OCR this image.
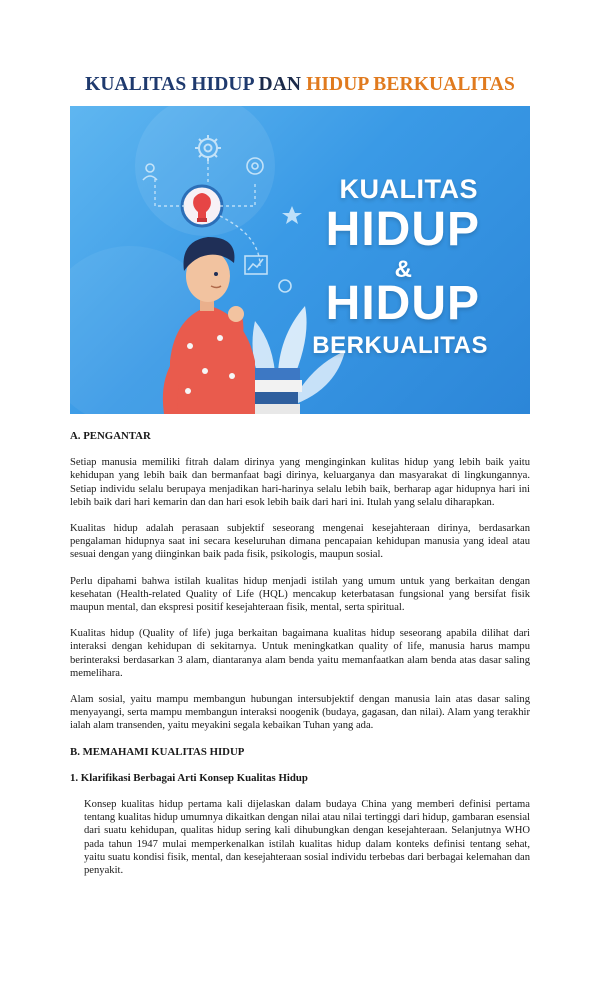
KUALITAS HIDUP DAN HIDUP BERKUALITAS
KUALITAS
HIDUP
&
HIDUP
BERKUALITAS

A. PENGANTAR

Setiap manusia memiliki fitrah dalam dirinya yang menginginkan kulitas hidup yang lebih baik yaitu kehidupan yang lebih baik dan bermanfaat bagi dirinya, keluarganya dan masyarakat di lingkungannya. Setiap individu selalu berupaya menjadikan hari-harinya selalu lebih baik, berharap agar hidupnya hari ini lebih baik dari hari kemarin dan dan hari esok lebih baik dari hari ini. Itulah yang selalu diharapkan.

Kualitas hidup adalah perasaan subjektif seseorang mengenai kesejahteraan dirinya, berdasarkan pengalaman hidupnya saat ini secara keseluruhan dimana pencapaian kehidupan manusia yang ideal atau sesuai dengan yang diinginkan baik pada fisik, psikologis, maupun sosial.

Perlu dipahami bahwa istilah kualitas hidup menjadi istilah yang umum untuk yang berkaitan dengan kesehatan (Health-related Quality of Life (HQL) mencakup keterbatasan fungsional yang bersifat fisik maupun mental, dan ekspresi positif kesejahteraan fisik, mental, serta spiritual.

Kualitas hidup (Quality of life) juga berkaitan bagaimana kualitas hidup seseorang apabila dilihat dari interaksi dengan kehidupan di sekitarnya. Untuk meningkatkan quality of life, manusia harus mampu berinteraksi berdasarkan 3 alam, diantaranya alam benda yaitu memanfaatkan alam benda atas dasar saling memelihara.

Alam sosial, yaitu mampu membangun hubungan intersubjektif dengan manusia lain atas dasar saling menyayangi, serta mampu membangun interaksi noogenik (budaya, gagasan, dan nilai). Alam yang terakhir ialah alam transenden, yaitu meyakini segala kebaikan Tuhan yang ada.

B. MEMAHAMI KUALITAS HIDUP

1. Klarifikasi Berbagai Arti Konsep Kualitas Hidup

Konsep kualitas hidup pertama kali dijelaskan dalam budaya China yang memberi definisi pertama tentang kualitas hidup umumnya dikaitkan dengan nilai atau nilai tertinggi dari hidup, gambaran esensial dari suatu kehidupan, qualitas hidup sering kali dihubungkan dengan kesejahteraan. Selanjutnya WHO pada tahun 1947 mulai memperkenalkan istilah kualitas hidup dalam konteks definisi tentang sehat, yaitu suatu kondisi fisik, mental, dan kesejahteraan sosial individu terbebas dari berbagai kelemahan dan penyakit.
